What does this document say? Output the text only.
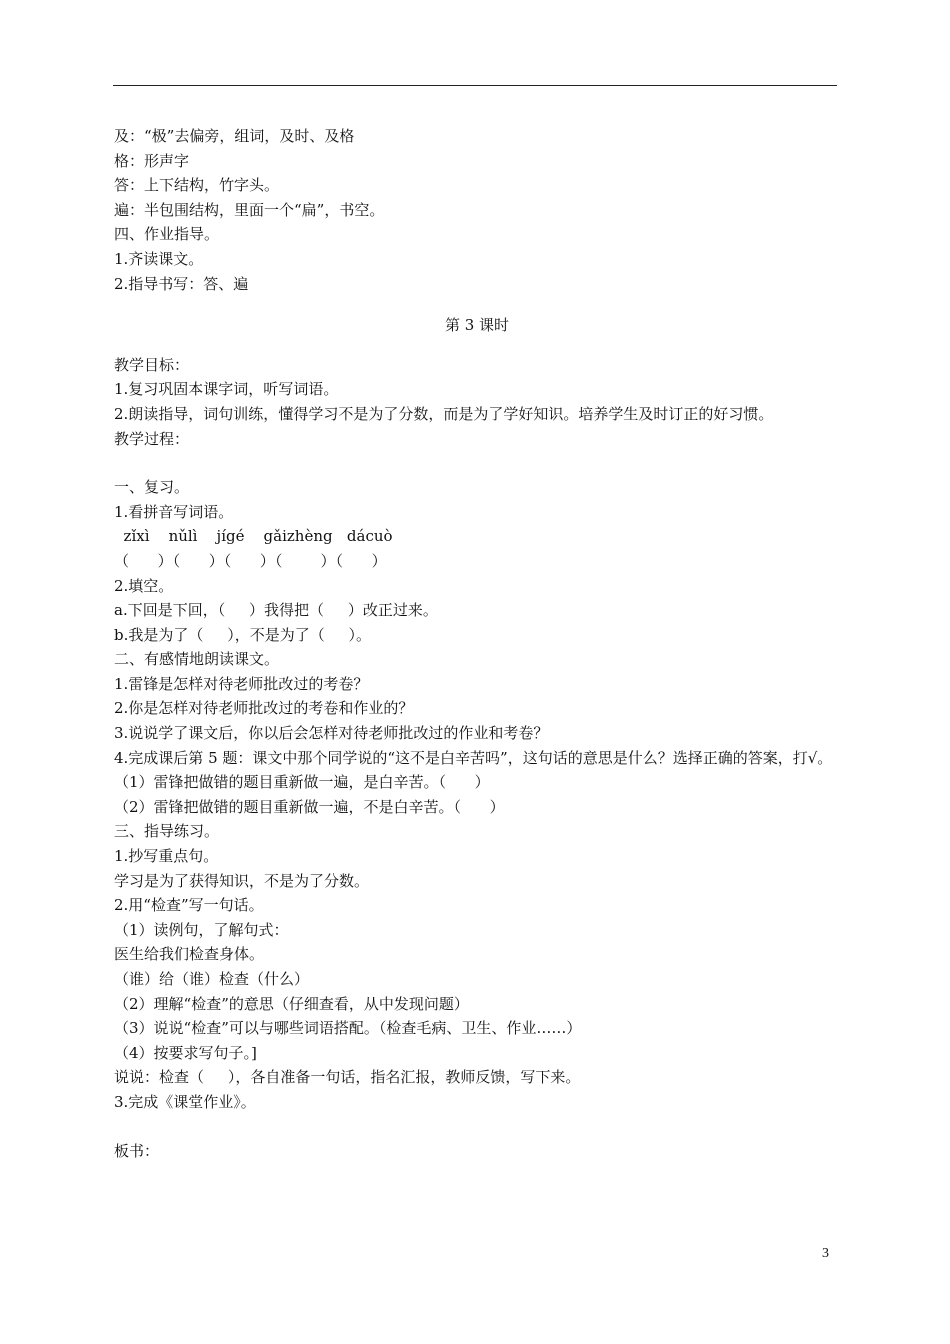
及：“极”去偏旁，组词，及时、及格
格：形声字
答：上下结构，竹字头。
遍：半包围结构，里面一个“扁”，书空。
四、作业指导。
1.齐读课文。
2.指导书写：答、遍
第 3 课时
教学目标：
1.复习巩固本课字词，听写词语。
2.朗读指导，词句训练，懂得学习不是为了分数，而是为了学好知识。培养学生及时订正的好习惯。
教学过程：
一、复习。
1.看拼音写词语。
zǐxì    nǔlì    jígé    gǎizhèng   dácuò
（      ）（      ）（      ）（        ）（      ）
2.填空。
a.下回是下回，（     ）我得把（     ）改正过来。
b.我是为了（     ），不是为了（     ）。
二、有感情地朗读课文。
1.雷锋是怎样对待老师批改过的考卷？
2.你是怎样对待老师批改过的考卷和作业的？
3.说说学了课文后，你以后会怎样对待老师批改过的作业和考卷？
4.完成课后第 5 题：课文中那个同学说的“这不是白辛苦吗”，这句话的意思是什么？选择正确的答案，打√。
（1）雷锋把做错的题目重新做一遍，是白辛苦。（      ）
（2）雷锋把做错的题目重新做一遍，不是白辛苦。（      ）
三、指导练习。
1.抄写重点句。
学习是为了获得知识，不是为了分数。
2.用“检查”写一句话。
（1）读例句，了解句式：
医生给我们检查身体。
（谁）给（谁）检查（什么）
（2）理解“检查”的意思（仔细查看，从中发现问题）
（3）说说“检查”可以与哪些词语搭配。（检查毛病、卫生、作业……）
（4）按要求写句子。]
说说：检查（     ），各自准备一句话，指名汇报，教师反馈，写下来。
3.完成《课堂作业》。
板书：
3
